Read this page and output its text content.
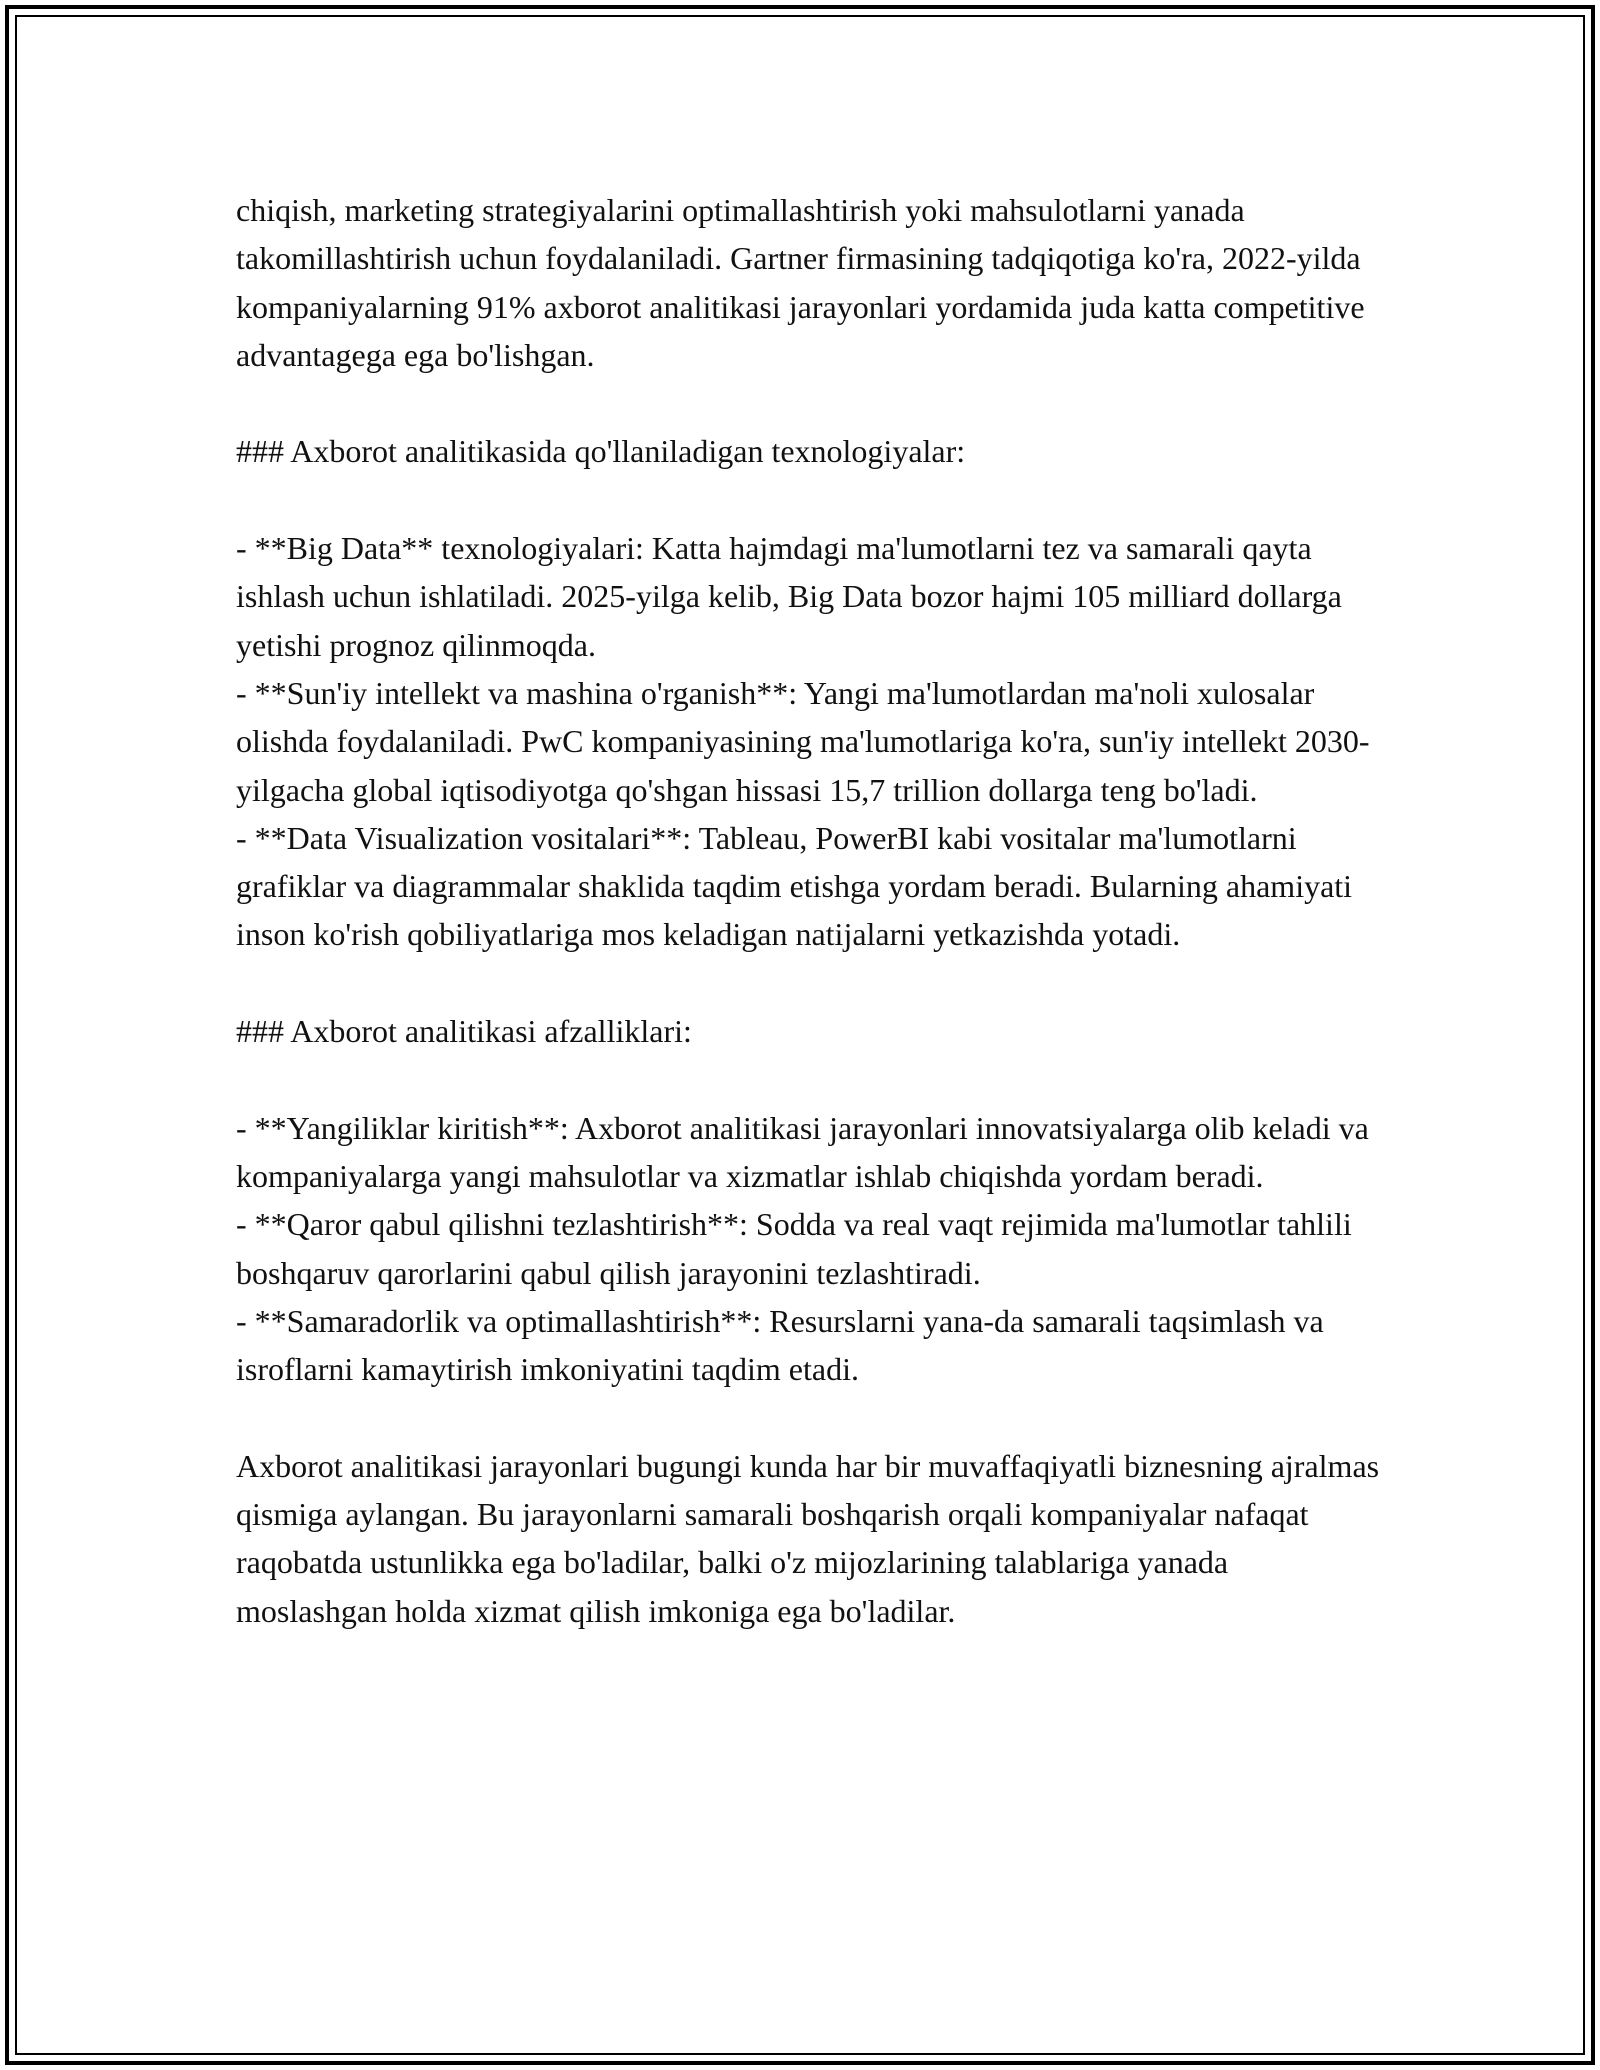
chiqish, marketing strategiyalarini optimallashtirish yoki mahsulotlarni yanada takomillashtirish uchun foydalaniladi. Gartner firmasining tadqiqotiga ko'ra, 2022-yilda kompaniyalarning 91% axborot analitikasi jarayonlari yordamida juda katta competitive advantagega ega bo'lishgan.

### Axborot analitikasida qo'llaniladigan texnologiyalar:

- **Big Data** texnologiyalari: Katta hajmdagi ma'lumotlarni tez va samarali qayta ishlash uchun ishlatiladi. 2025-yilga kelib, Big Data bozor hajmi 105 milliard dollarga yetishi prognoz qilinmoqda.

- **Sun'iy intellekt va mashina o'rganish**: Yangi ma'lumotlardan ma'noli xulosalar olishda foydalaniladi. PwC kompaniyasining ma'lumotlariga ko'ra, sun'iy intellekt 2030-yilgacha global iqtisodiyotga qo'shgan hissasi 15,7 trillion dollarga teng bo'ladi.

- **Data Visualization vositalari**: Tableau, PowerBI kabi vositalar ma'lumotlarni grafiklar va diagrammalar shaklida taqdim etishga yordam beradi. Bularning ahamiyati inson ko'rish qobiliyatlariga mos keladigan natijalarni yetkazishda yotadi.

### Axborot analitikasi afzalliklari:

- **Yangiliklar kiritish**: Axborot analitikasi jarayonlari innovatsiyalarga olib keladi va kompaniyalarga yangi mahsulotlar va xizmatlar ishlab chiqishda yordam beradi.

- **Qaror qabul qilishni tezlashtirish**: Sodda va real vaqt rejimida ma'lumotlar tahlili boshqaruv qarorlarini qabul qilish jarayonini tezlashtiradi.

- **Samaradorlik va optimallashtirish**: Resurslarni yana-da samarali taqsimlash va isroflarni kamaytirish imkoniyatini taqdim etadi.

Axborot analitikasi jarayonlari bugungi kunda har bir muvaffaqiyatli biznesning ajralmas qismiga aylangan. Bu jarayonlarni samarali boshqarish orqali kompaniyalar nafaqat raqobatda ustunlikka ega bo'ladilar, balki o'z mijozlarining talablariga yanada moslashgan holda xizmat qilish imkoniga ega bo'ladilar.
